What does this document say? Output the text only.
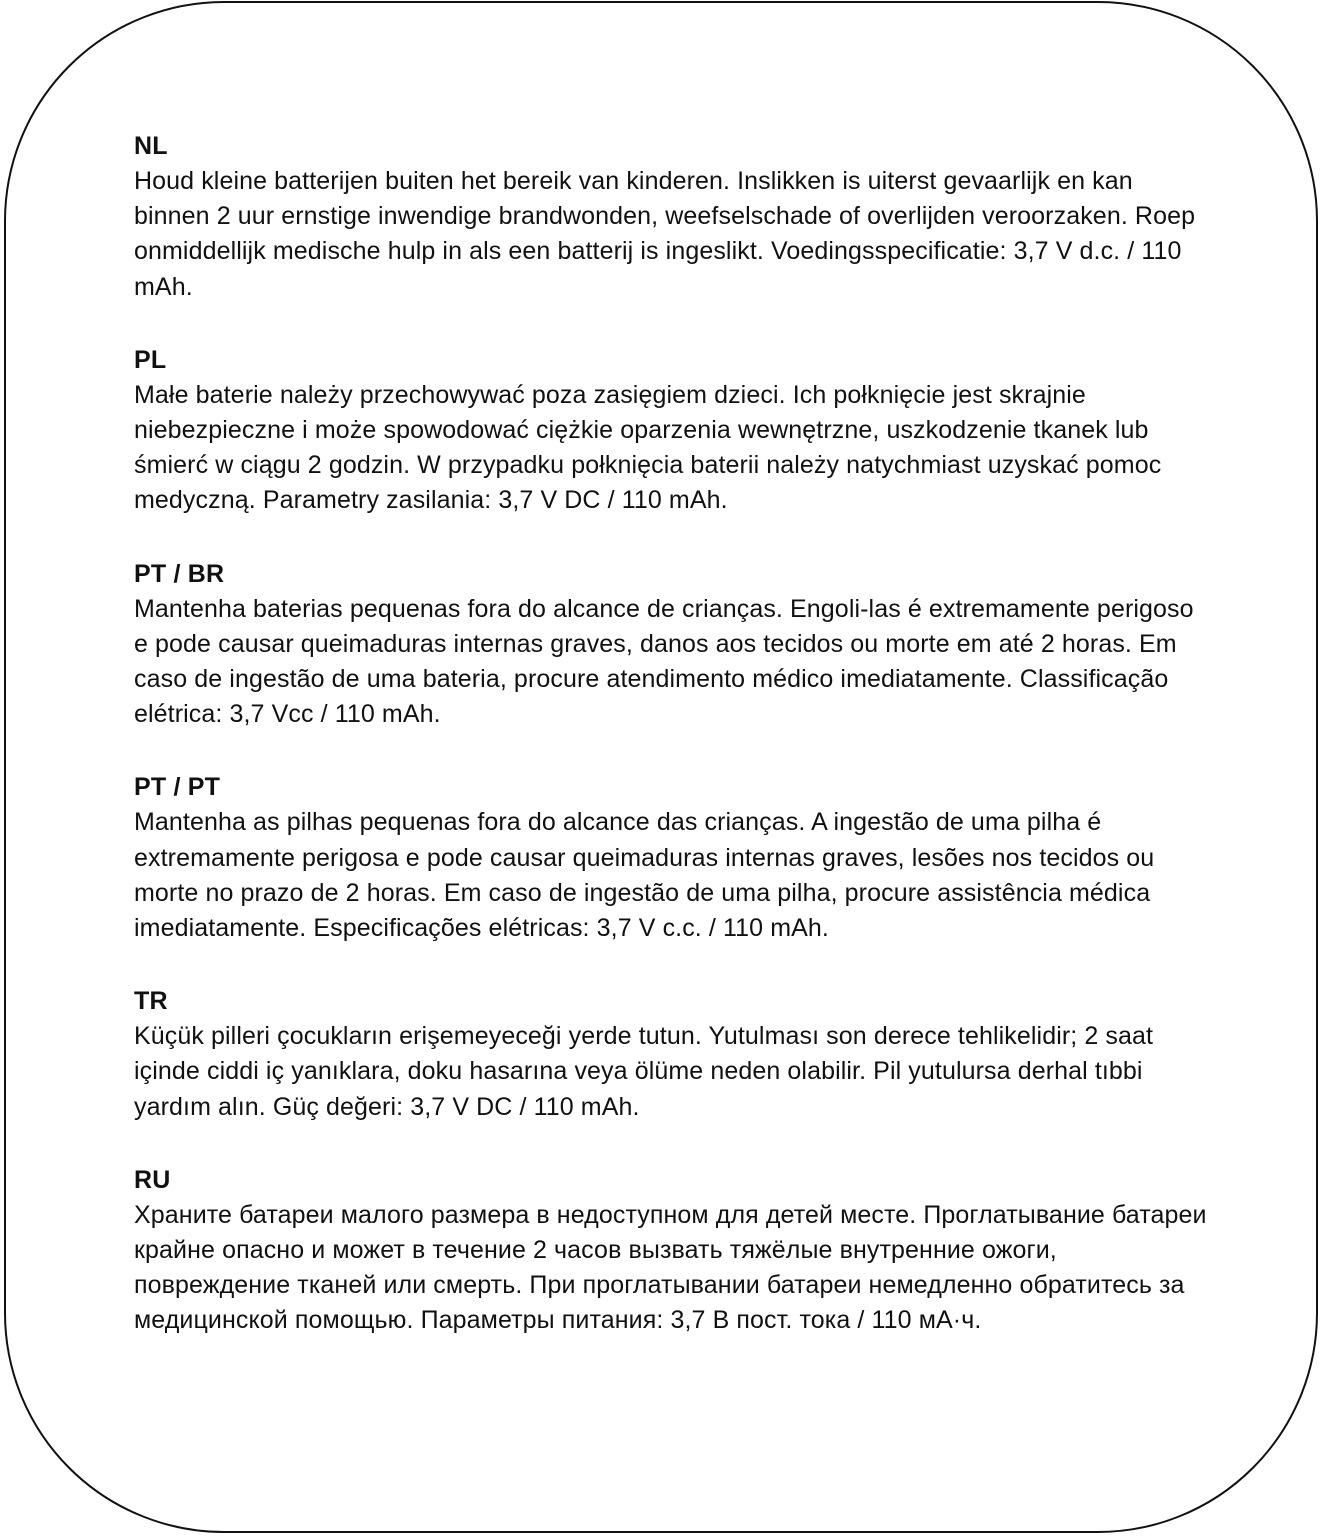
NL

Houd kleine batterijen buiten het bereik van kinderen. Inslikken is uiterst gevaarlijk en kan binnen 2 uur ernstige inwendige brandwonden, weefselschade of overlijden veroorzaken. Roep onmiddellijk medische hulp in als een batterij is ingeslikt. Voedingsspecificatie: 3,7 V d.c. / 110 mAh.

PL

Małe baterie należy przechowywać poza zasięgiem dzieci. Ich połknięcie jest skrajnie niebezpieczne i może spowodować ciężkie oparzenia wewnętrzne, uszkodzenie tkanek lub śmierć w ciągu 2 godzin. W przypadku połknięcia baterii należy natychmiast uzyskać pomoc medyczną. Parametry zasilania: 3,7 V DC / 110 mAh.

PT / BR

Mantenha baterias pequenas fora do alcance de crianças. Engoli-las é extremamente perigoso e pode causar queimaduras internas graves, danos aos tecidos ou morte em até 2 horas. Em caso de ingestão de uma bateria, procure atendimento médico imediatamente. Classificação elétrica: 3,7 Vcc / 110 mAh.

PT / PT

Mantenha as pilhas pequenas fora do alcance das crianças. A ingestão de uma pilha é extremamente perigosa e pode causar queimaduras internas graves, lesões nos tecidos ou morte no prazo de 2 horas. Em caso de ingestão de uma pilha, procure assistência médica imediatamente. Especificações elétricas: 3,7 V c.c. / 110 mAh.

TR

Küçük pilleri çocukların erişemeyeceği yerde tutun. Yutulması son derece tehlikelidir; 2 saat içinde ciddi iç yanıklara, doku hasarına veya ölüme neden olabilir. Pil yutulursa derhal tıbbi yardım alın. Güç değeri: 3,7 V DC / 110 mAh.

RU

Храните батареи малого размера в недоступном для детей месте. Проглатывание батареи крайне опасно и может в течение 2 часов вызвать тяжёлые внутренние ожоги, повреждение тканей или смерть. При проглатывании батареи немедленно обратитесь за медицинской помощью. Параметры питания: 3,7 В пост. тока / 110 мА·ч.
